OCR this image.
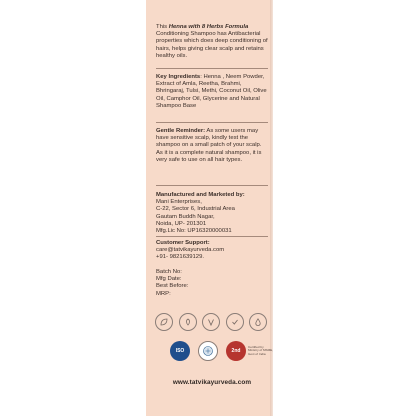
This Henna with 8 Herbs Formula Conditioning Shampoo has Antibacterial properties which does deep conditioning of hairs, helps giving clear scalp and retains healthy oils.
Key Ingredients: Henna , Neem Powder, Extract of Amla, Reetha, Brahmi, Bhringaraj, Tulsi, Methi, Coconut Oil, Olive Oil, Camphor Oil, Glycerine and Natural Shampoo Base
Gentle Reminder: As some users may have sensitive scalp, kindly test the shampoo on a small patch of your scalp. As it is a complete natural shampoo, it is very safe to use on all hair types.
Manufactured and Marketed by:
Mani Enterprises,
C-22, Sector 6, Industrial Area
Gautam Buddh Nagar,
Noida, UP- 201301
Mfg.Lic No: UP16320000031
Customer Support:
care@tatvikayurveda.com
+91- 9821639129.
Batch No:
Mfg Date:
Best Before:
MRP:
ISO	2nd
Certified by Ministry of MSME, Govt of India
www.tatvikayurveda.com
